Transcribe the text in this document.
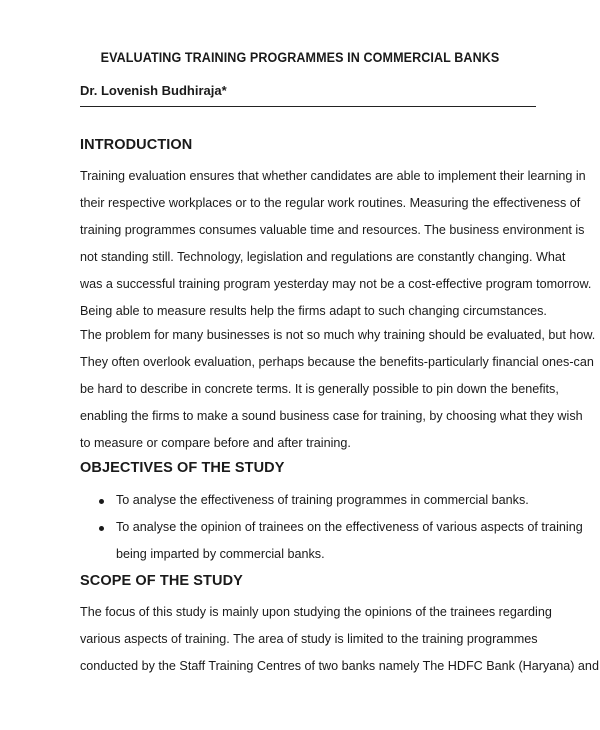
EVALUATING TRAINING PROGRAMMES IN COMMERCIAL BANKS
Dr. Lovenish Budhiraja*
INTRODUCTION
Training evaluation ensures that whether candidates are able to implement their learning in
their respective workplaces or to the regular work routines. Measuring the effectiveness of
training programmes consumes valuable time and resources. The business environment is
not standing still. Technology, legislation and regulations are constantly changing. What
was a successful training program yesterday may not be a cost-effective program tomorrow.
Being able to measure results help the firms adapt to such changing circumstances.
The problem for many businesses is not so much why training should be evaluated, but how.
They often overlook evaluation, perhaps because the benefits-particularly financial ones-can
be hard to describe in concrete terms. It is generally possible to pin down the benefits,
enabling the firms to make a sound business case for training, by choosing what they wish
to measure or compare before and after training.
OBJECTIVES OF THE STUDY
To analyse the effectiveness of training programmes in commercial banks.
To analyse the opinion of trainees on the effectiveness of various aspects of training
being imparted by commercial banks.
SCOPE OF THE STUDY
The focus of this study is mainly upon studying the opinions of the trainees regarding
various aspects of training. The area of study is limited to the training programmes
conducted by the Staff Training Centres of two banks namely The HDFC Bank (Haryana) and
